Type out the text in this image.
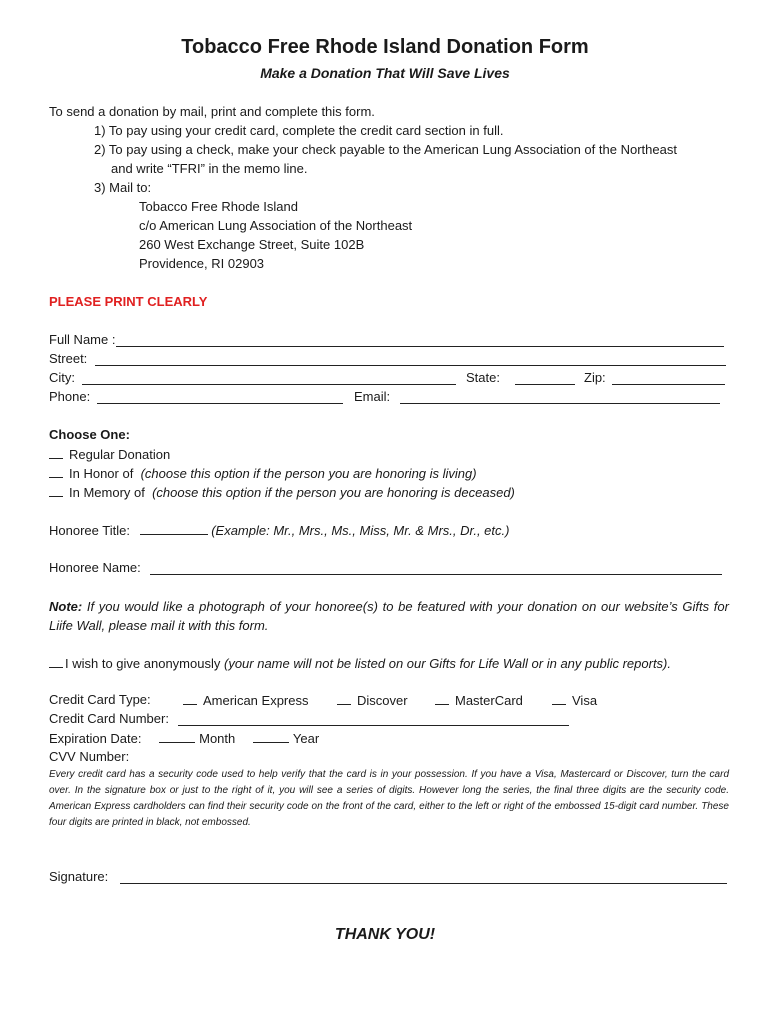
Tobacco Free Rhode Island Donation Form
Make a Donation That Will Save Lives
To send a donation by mail, print and complete this form.
1) To pay using your credit card, complete the credit card section in full.
2) To pay using a check, make your check payable to the American Lung Association of the Northeast
and write “TFRI” in the memo line.
3) Mail to:
Tobacco Free Rhode Island
c/o American Lung Association of the Northeast
260 West Exchange Street, Suite 102B
Providence, RI 02903
PLEASE PRINT CLEARLY
Full Name :
Street:
City:	State:	Zip:
Phone:	Email:
Choose One:
Regular Donation
In Honor of (choose this option if the person you are honoring is living)
In Memory of (choose this option if the person you are honoring is deceased)
Honoree Title:	(Example: Mr., Mrs., Ms., Miss, Mr. & Mrs., Dr., etc.)
Honoree Name:
Note: If you would like a photograph of your honoree(s) to be featured with your donation on our website’s Gifts for Liife Wall, please mail it with this form.
I wish to give anonymously (your name will not be listed on our Gifts for Life Wall or in any public reports).
Credit Card Type:	American Express	Discover	MasterCard	Visa
Credit Card Number:
Expiration Date:	Month	Year
CVV Number:
Every credit card has a security code used to help verify that the card is in your possession. If you have a Visa, Mastercard or Discover, turn the card over. In the signature box or just to the right of it, you will see a series of digits. However long the series, the final three digits are the security code. American Express cardholders can find their security code on the front of the card, either to the left or right of the embossed 15-digit card number. These four digits are printed in black, not embossed.
Signature:
THANK YOU!
